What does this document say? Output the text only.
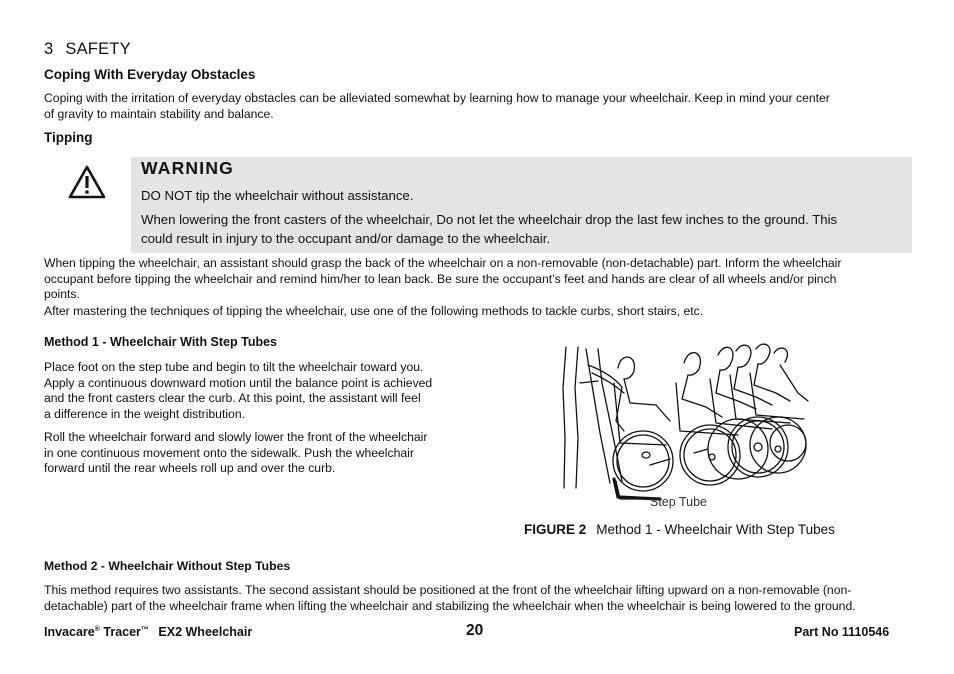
3 SAFETY
Coping With Everyday Obstacles
Coping with the irritation of everyday obstacles can be alleviated somewhat by learning how to manage your wheelchair. Keep in mind your center
of gravity to maintain stability and balance.
Tipping
WARNING
DO NOT tip the wheelchair without assistance.
When lowering the front casters of the wheelchair, Do not let the wheelchair drop the last few inches to the ground. This
could result in injury to the occupant and/or damage to the wheelchair.
When tipping the wheelchair, an assistant should grasp the back of the wheelchair on a non-removable (non-detachable) part. Inform the wheelchair
occupant before tipping the wheelchair and remind him/her to lean back. Be sure the occupant’s feet and hands are clear of all wheels and/or pinch
points.
After mastering the techniques of tipping the wheelchair, use one of the following methods to tackle curbs, short stairs, etc.
Method 1 - Wheelchair With Step Tubes
Place foot on the step tube and begin to tilt the wheelchair toward you.
Apply a continuous downward motion until the balance point is achieved
and the front casters clear the curb. At this point, the assistant will feel
a difference in the weight distribution.
Roll the wheelchair forward and slowly lower the front of the wheelchair
in one continuous movement onto the sidewalk. Push the wheelchair
forward until the rear wheels roll up and over the curb.
Step Tube
FIGURE 2 Method 1 - Wheelchair With Step Tubes
Method 2 - Wheelchair Without Step Tubes
This method requires two assistants. The second assistant should be positioned at the front of the wheelchair lifting upward on a non-removable (non-
detachable) part of the wheelchair frame when lifting the wheelchair and stabilizing the wheelchair when the wheelchair is being lowered to the ground.
Invacare® Tracer™ EX2 Wheelchair	20	Part No 1110546
